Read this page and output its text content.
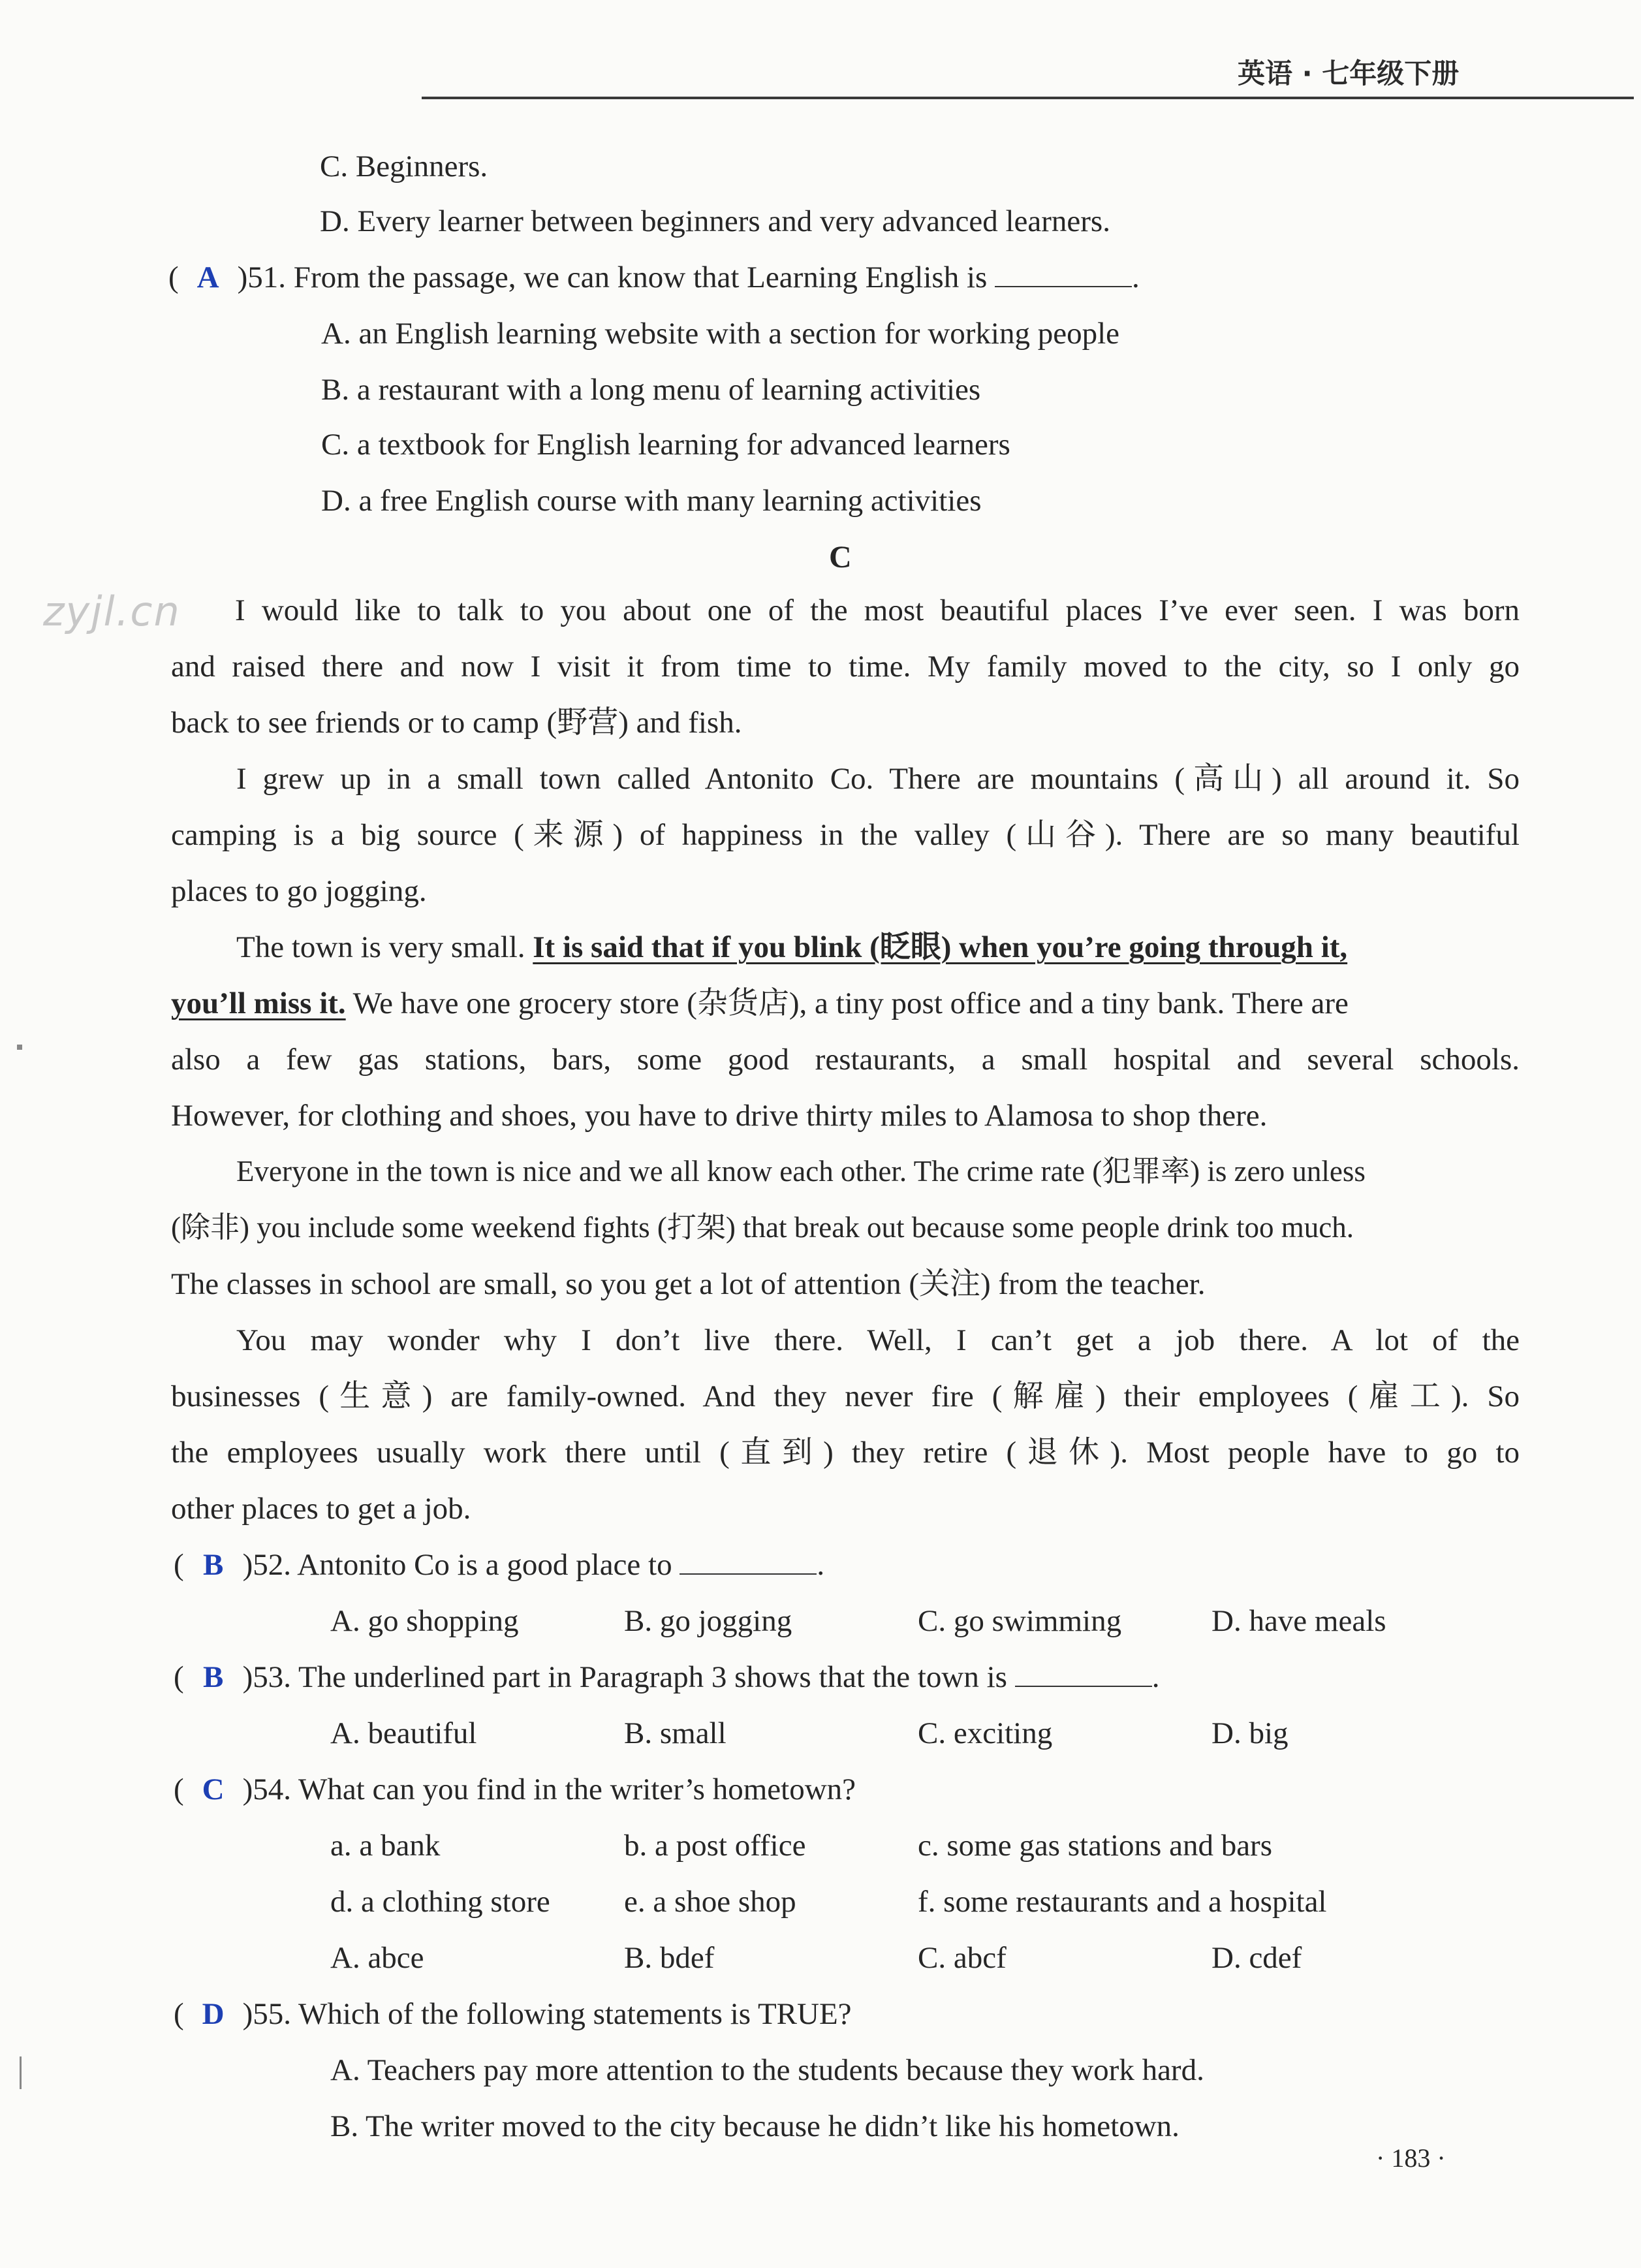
英语 · 七年级下册
C. Beginners.
D. Every learner between beginners and very advanced learners.
( A )51. From the passage, we can know that Learning English is	.
A. an English learning website with a section for working people
B. a restaurant with a long menu of learning activities
C. a textbook for English learning for advanced learners
D. a free English course with many learning activities
C
zyjl.cn I would like to talk to you about one of the most beautiful places I’ve ever seen. I was born
and raised there and now I visit it from time to time. My family moved to the city, so I only go
back to see friends or to camp (野营) and fish.
I grew up in a small town called Antonito Co. There are mountains (高山) all around it. So
camping is a big source (来源) of happiness in the valley (山谷). There are so many beautiful
places to go jogging.
The town is very small. It is said that if you blink (眨眼) when you’re going through it,
you’ll miss it. We have one grocery store (杂货店), a tiny post office and a tiny bank. There are
also a few gas stations, bars, some good restaurants, a small hospital and several schools.
However, for clothing and shoes, you have to drive thirty miles to Alamosa to shop there.
Everyone in the town is nice and we all know each other. The crime rate (犯罪率) is zero unless
(除非) you include some weekend fights (打架) that break out because some people drink too much.
The classes in school are small, so you get a lot of attention (关注) from the teacher.
You may wonder why I don’t live there. Well, I can’t get a job there. A lot of the
businesses (生意) are family-owned. And they never fire (解雇) their employees (雇工). So
the employees usually work there until (直到) they retire (退休). Most people have to go to
other places to get a job.
( B )52. Antonito Co is a good place to	.
A. go shopping	B. go jogging	C. go swimming	D. have meals
( B )53. The underlined part in Paragraph 3 shows that the town is	.
A. beautiful	B. small	C. exciting	D. big
( C )54. What can you find in the writer’s hometown?
a. a bank	b. a post office	c. some gas stations and bars
d. a clothing store e. a shoe shop	f. some restaurants and a hospital
A. abce	B. bdef	C. abcf	D. cdef
( D )55. Which of the following statements is TRUE?
A. Teachers pay more attention to the students because they work hard.
B. The writer moved to the city because he didn’t like his hometown.
· 183 ·
